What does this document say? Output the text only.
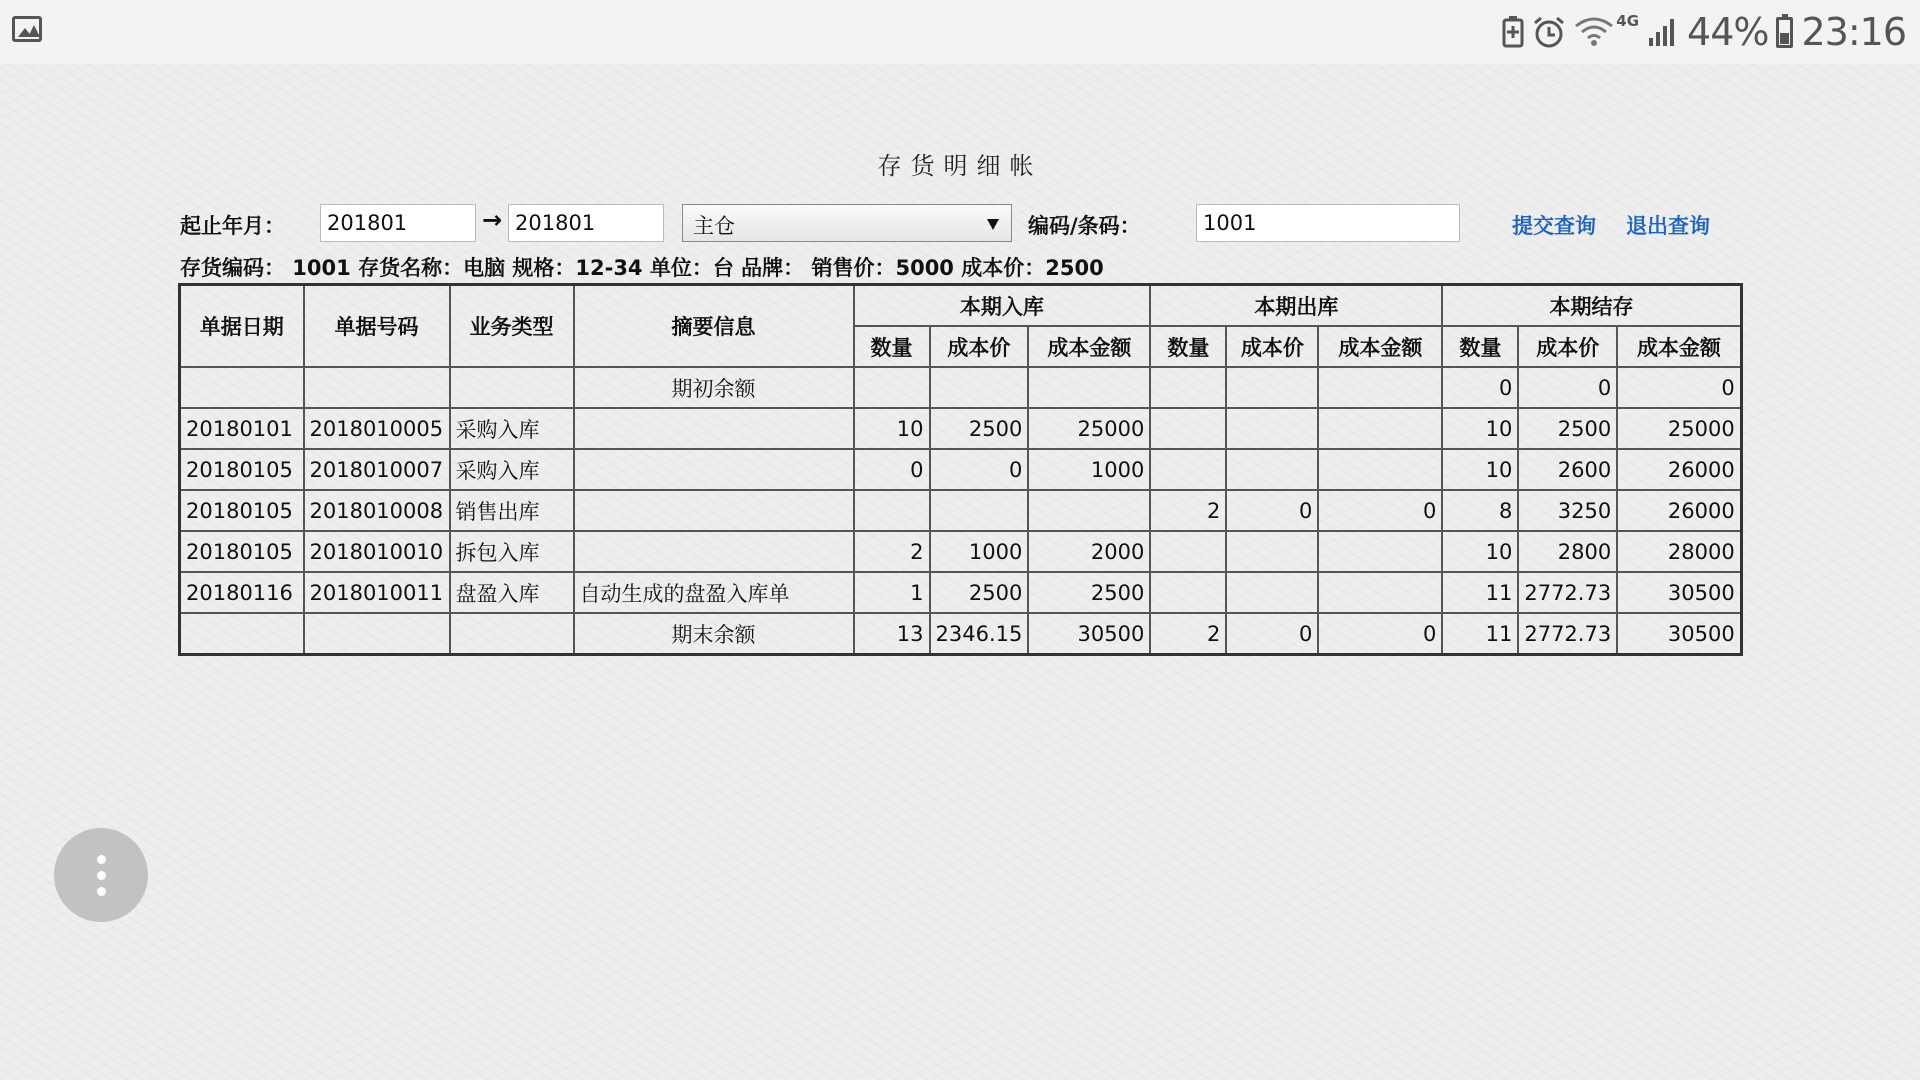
4G 44% 23:16
存货明细帐
起止年月：
201801	→
201801	主仓	编码/条码：
1001	提交查询 退出查询
存货编码： 1001 存货名称：电脑 规格：12-34 单位：台 品牌： 销售价：5000 成本价：2500
单据日期	单据号码	业务类型	摘要信息	本期入库			本期出库			本期结存		
				数量	成本价	成本金额	数量	成本价	成本金额	数量	成本价	成本金额
			期初余额							0	0	0
20180101	2018010005	采购入库		10	2500	25000				10	2500	25000
20180105	2018010007	采购入库		0	0	1000				10	2600	26000
20180105	2018010008	销售出库					2	0	0	8	3250	26000
20180105	2018010010	拆包入库		2	1000	2000				10	2800	28000
20180116	2018010011	盘盈入库	自动生成的盘盈入库单	1	2500	2500				11	2772.73	30500
			期末余额	13	2346.15	30500	2	0	0	11	2772.73	30500
